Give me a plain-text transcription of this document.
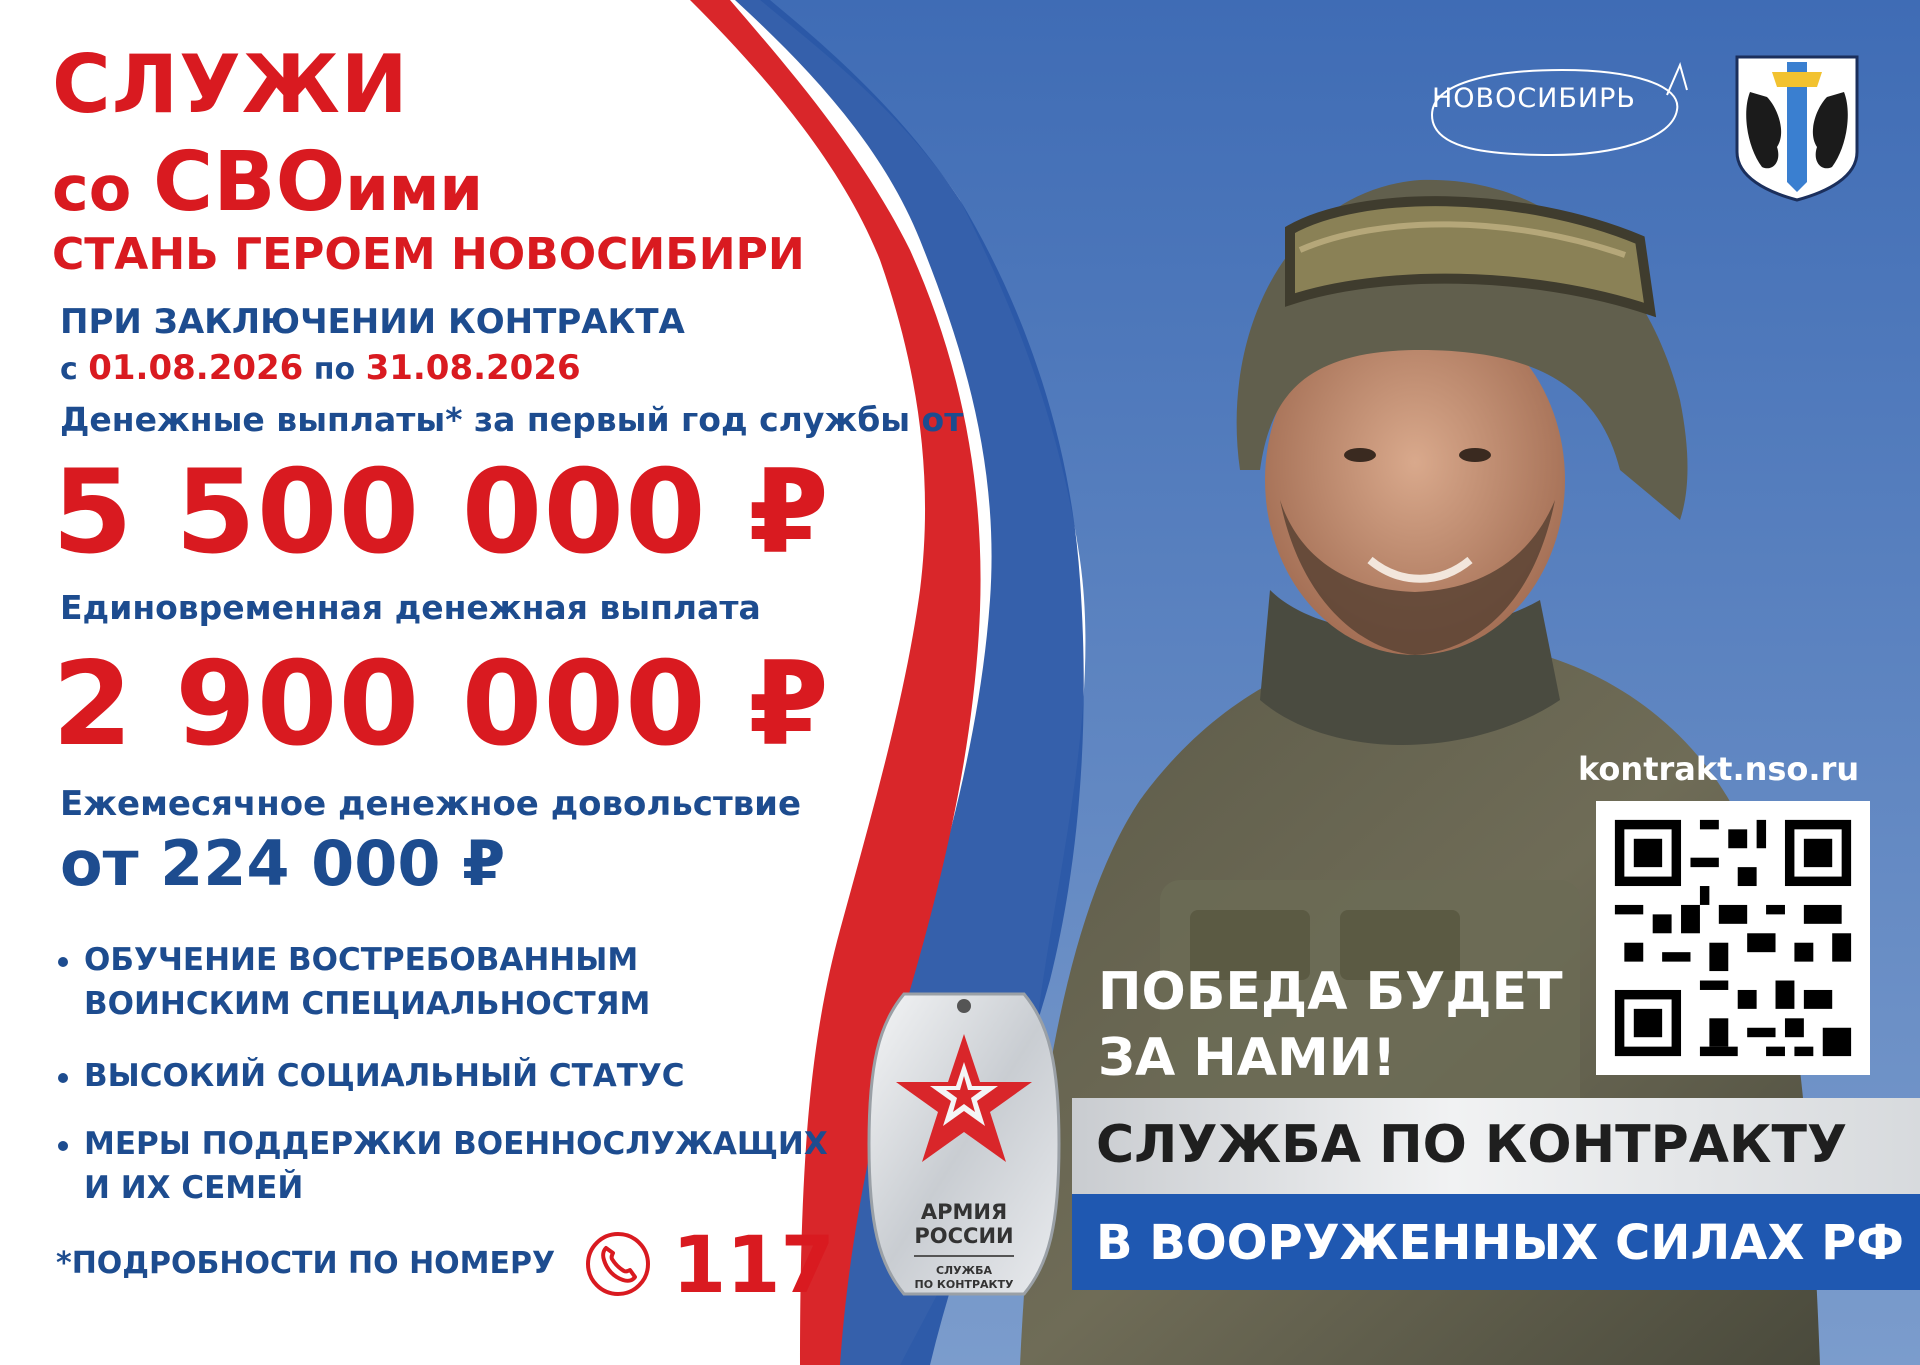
СЛУЖИ
со СВОими
СТАНЬ ГЕРОЕМ НОВОСИБИРИ
ПРИ ЗАКЛЮЧЕНИИ КОНТРАКТА
с 01.08.2026 по 31.08.2026
Денежные выплаты* за первый год службы от
5 500 000 ₽
Единовременная денежная выплата
2 900 000 ₽
Ежемесячное денежное довольствие
от 224 000 ₽
ОБУЧЕНИЕ ВОСТРЕБОВАННЫМ
ВОИНСКИМ СПЕЦИАЛЬНОСТЯМ
ВЫСОКИЙ СОЦИАЛЬНЫЙ СТАТУС
МЕРЫ ПОДДЕРЖКИ ВОЕННОСЛУЖАЩИХ
И ИХ СЕМЕЙ
*ПОДРОБНОСТИ ПО НОМЕРУ 117
НОВОСИБИРЬ
kontrakt.nso.ru
ПОБЕДА БУДЕТ
ЗА НАМИ!
СЛУЖБА ПО КОНТРАКТУ
В ВООРУЖЕННЫХ СИЛАХ РФ
АРМИЯ
РОССИИ
СЛУЖБА
ПО КОНТРАКТУ
